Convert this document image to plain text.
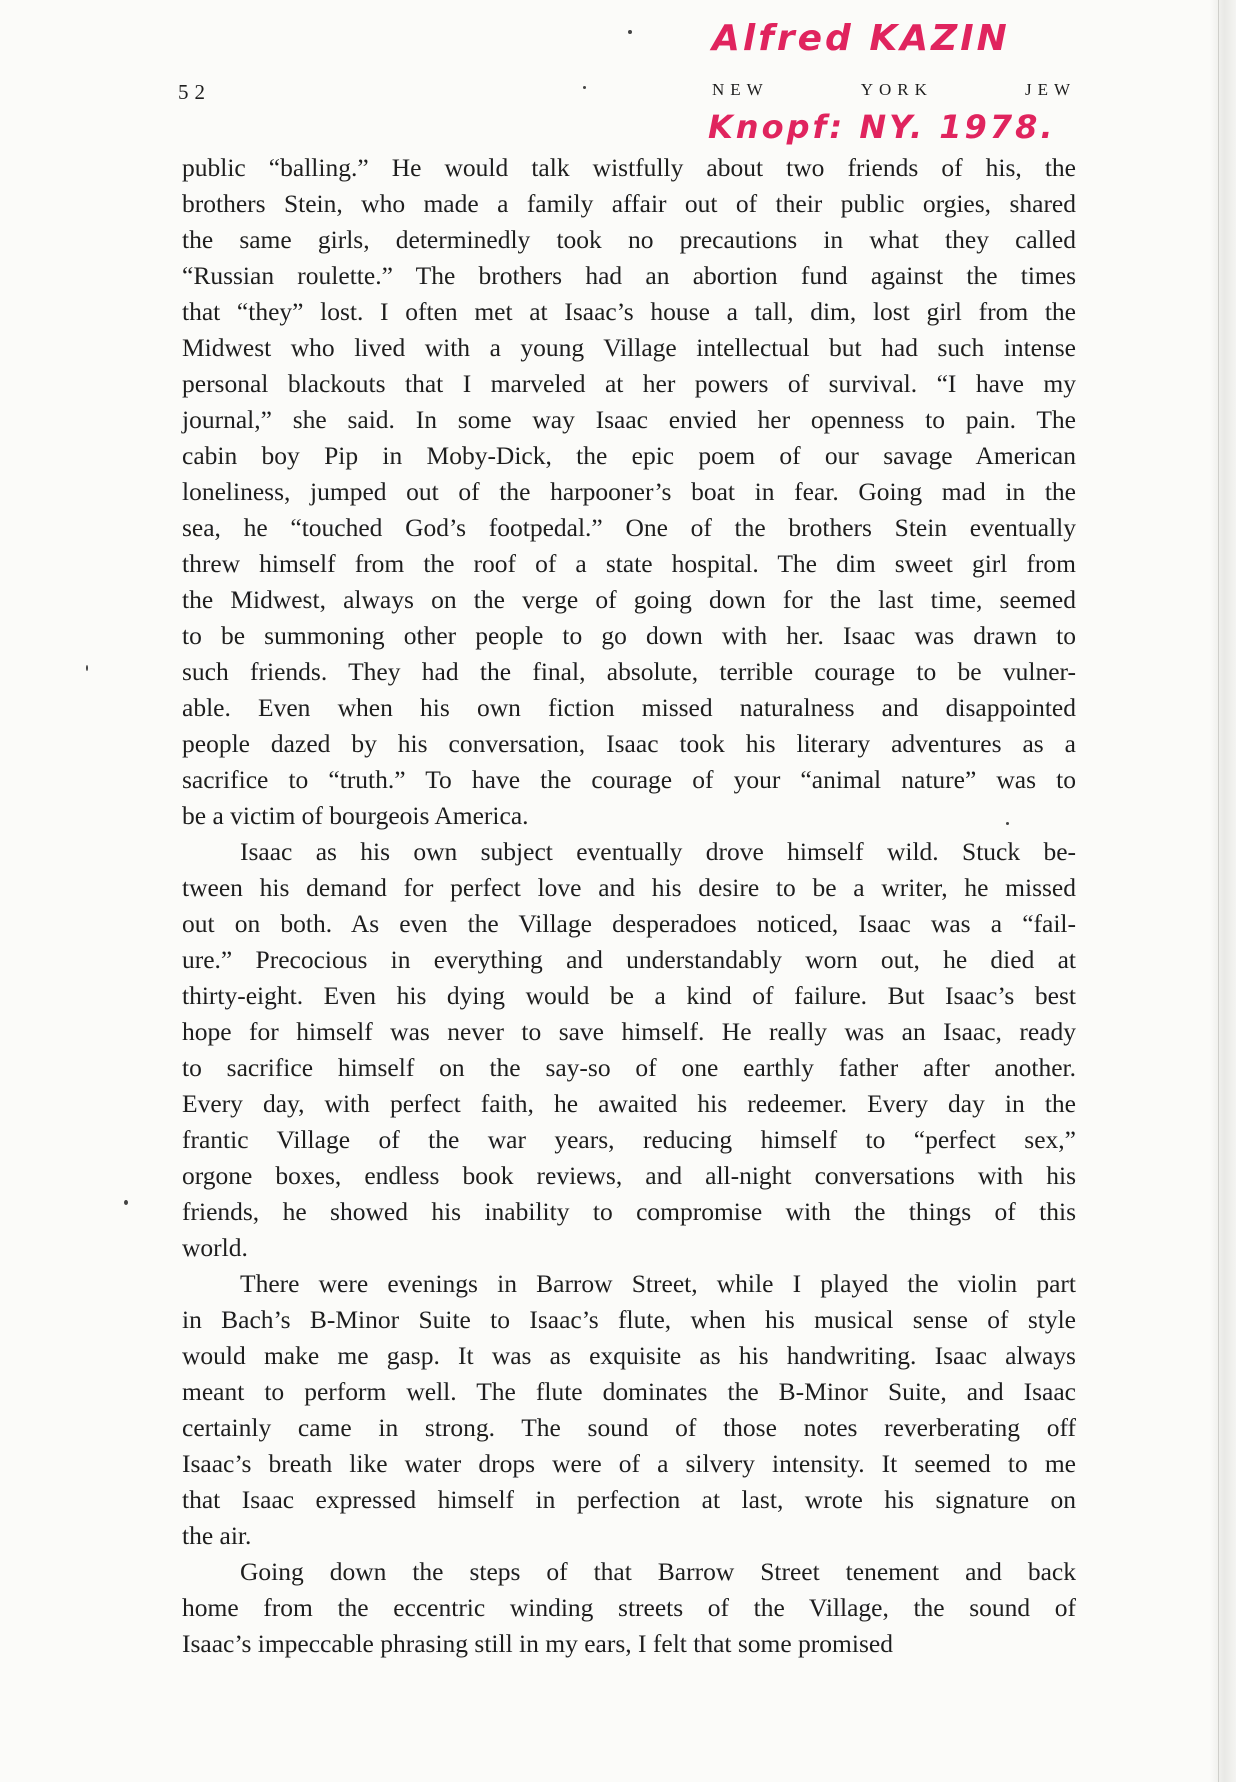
Alfred KAZIN
Knopf: NY. 1978.
52	NEW	YORK	JEW
public “balling.” He would talk wistfully about two friends of his, the
brothers Stein, who made a family affair out of their public orgies, shared
the same girls, determinedly took no precautions in what they called
“Russian roulette.” The brothers had an abortion fund against the times
that “they” lost. I often met at Isaac’s house a tall, dim, lost girl from the
Midwest who lived with a young Village intellectual but had such intense
personal blackouts that I marveled at her powers of survival. “I have my
journal,” she said. In some way Isaac envied her openness to pain. The
cabin boy Pip in Moby-Dick, the epic poem of our savage American
loneliness, jumped out of the harpooner’s boat in fear. Going mad in the
sea, he “touched God’s footpedal.” One of the brothers Stein eventually
threw himself from the roof of a state hospital. The dim sweet girl from
the Midwest, always on the verge of going down for the last time, seemed
to be summoning other people to go down with her. Isaac was drawn to
such friends. They had the final, absolute, terrible courage to be vulner-
able. Even when his own fiction missed naturalness and disappointed
people dazed by his conversation, Isaac took his literary adventures as a
sacrifice to “truth.” To have the courage of your “animal nature” was to
be a victim of bourgeois America.
Isaac as his own subject eventually drove himself wild. Stuck be-
tween his demand for perfect love and his desire to be a writer, he missed
out on both. As even the Village desperadoes noticed, Isaac was a “fail-
ure.” Precocious in everything and understandably worn out, he died at
thirty-eight. Even his dying would be a kind of failure. But Isaac’s best
hope for himself was never to save himself. He really was an Isaac, ready
to sacrifice himself on the say-so of one earthly father after another.
Every day, with perfect faith, he awaited his redeemer. Every day in the
frantic Village of the war years, reducing himself to “perfect sex,”
orgone boxes, endless book reviews, and all-night conversations with his
friends, he showed his inability to compromise with the things of this
world.
There were evenings in Barrow Street, while I played the violin part
in Bach’s B-Minor Suite to Isaac’s flute, when his musical sense of style
would make me gasp. It was as exquisite as his handwriting. Isaac always
meant to perform well. The flute dominates the B-Minor Suite, and Isaac
certainly came in strong. The sound of those notes reverberating off
Isaac’s breath like water drops were of a silvery intensity. It seemed to me
that Isaac expressed himself in perfection at last, wrote his signature on
the air.
Going down the steps of that Barrow Street tenement and back
home from the eccentric winding streets of the Village, the sound of
Isaac’s impeccable phrasing still in my ears, I felt that some promised
